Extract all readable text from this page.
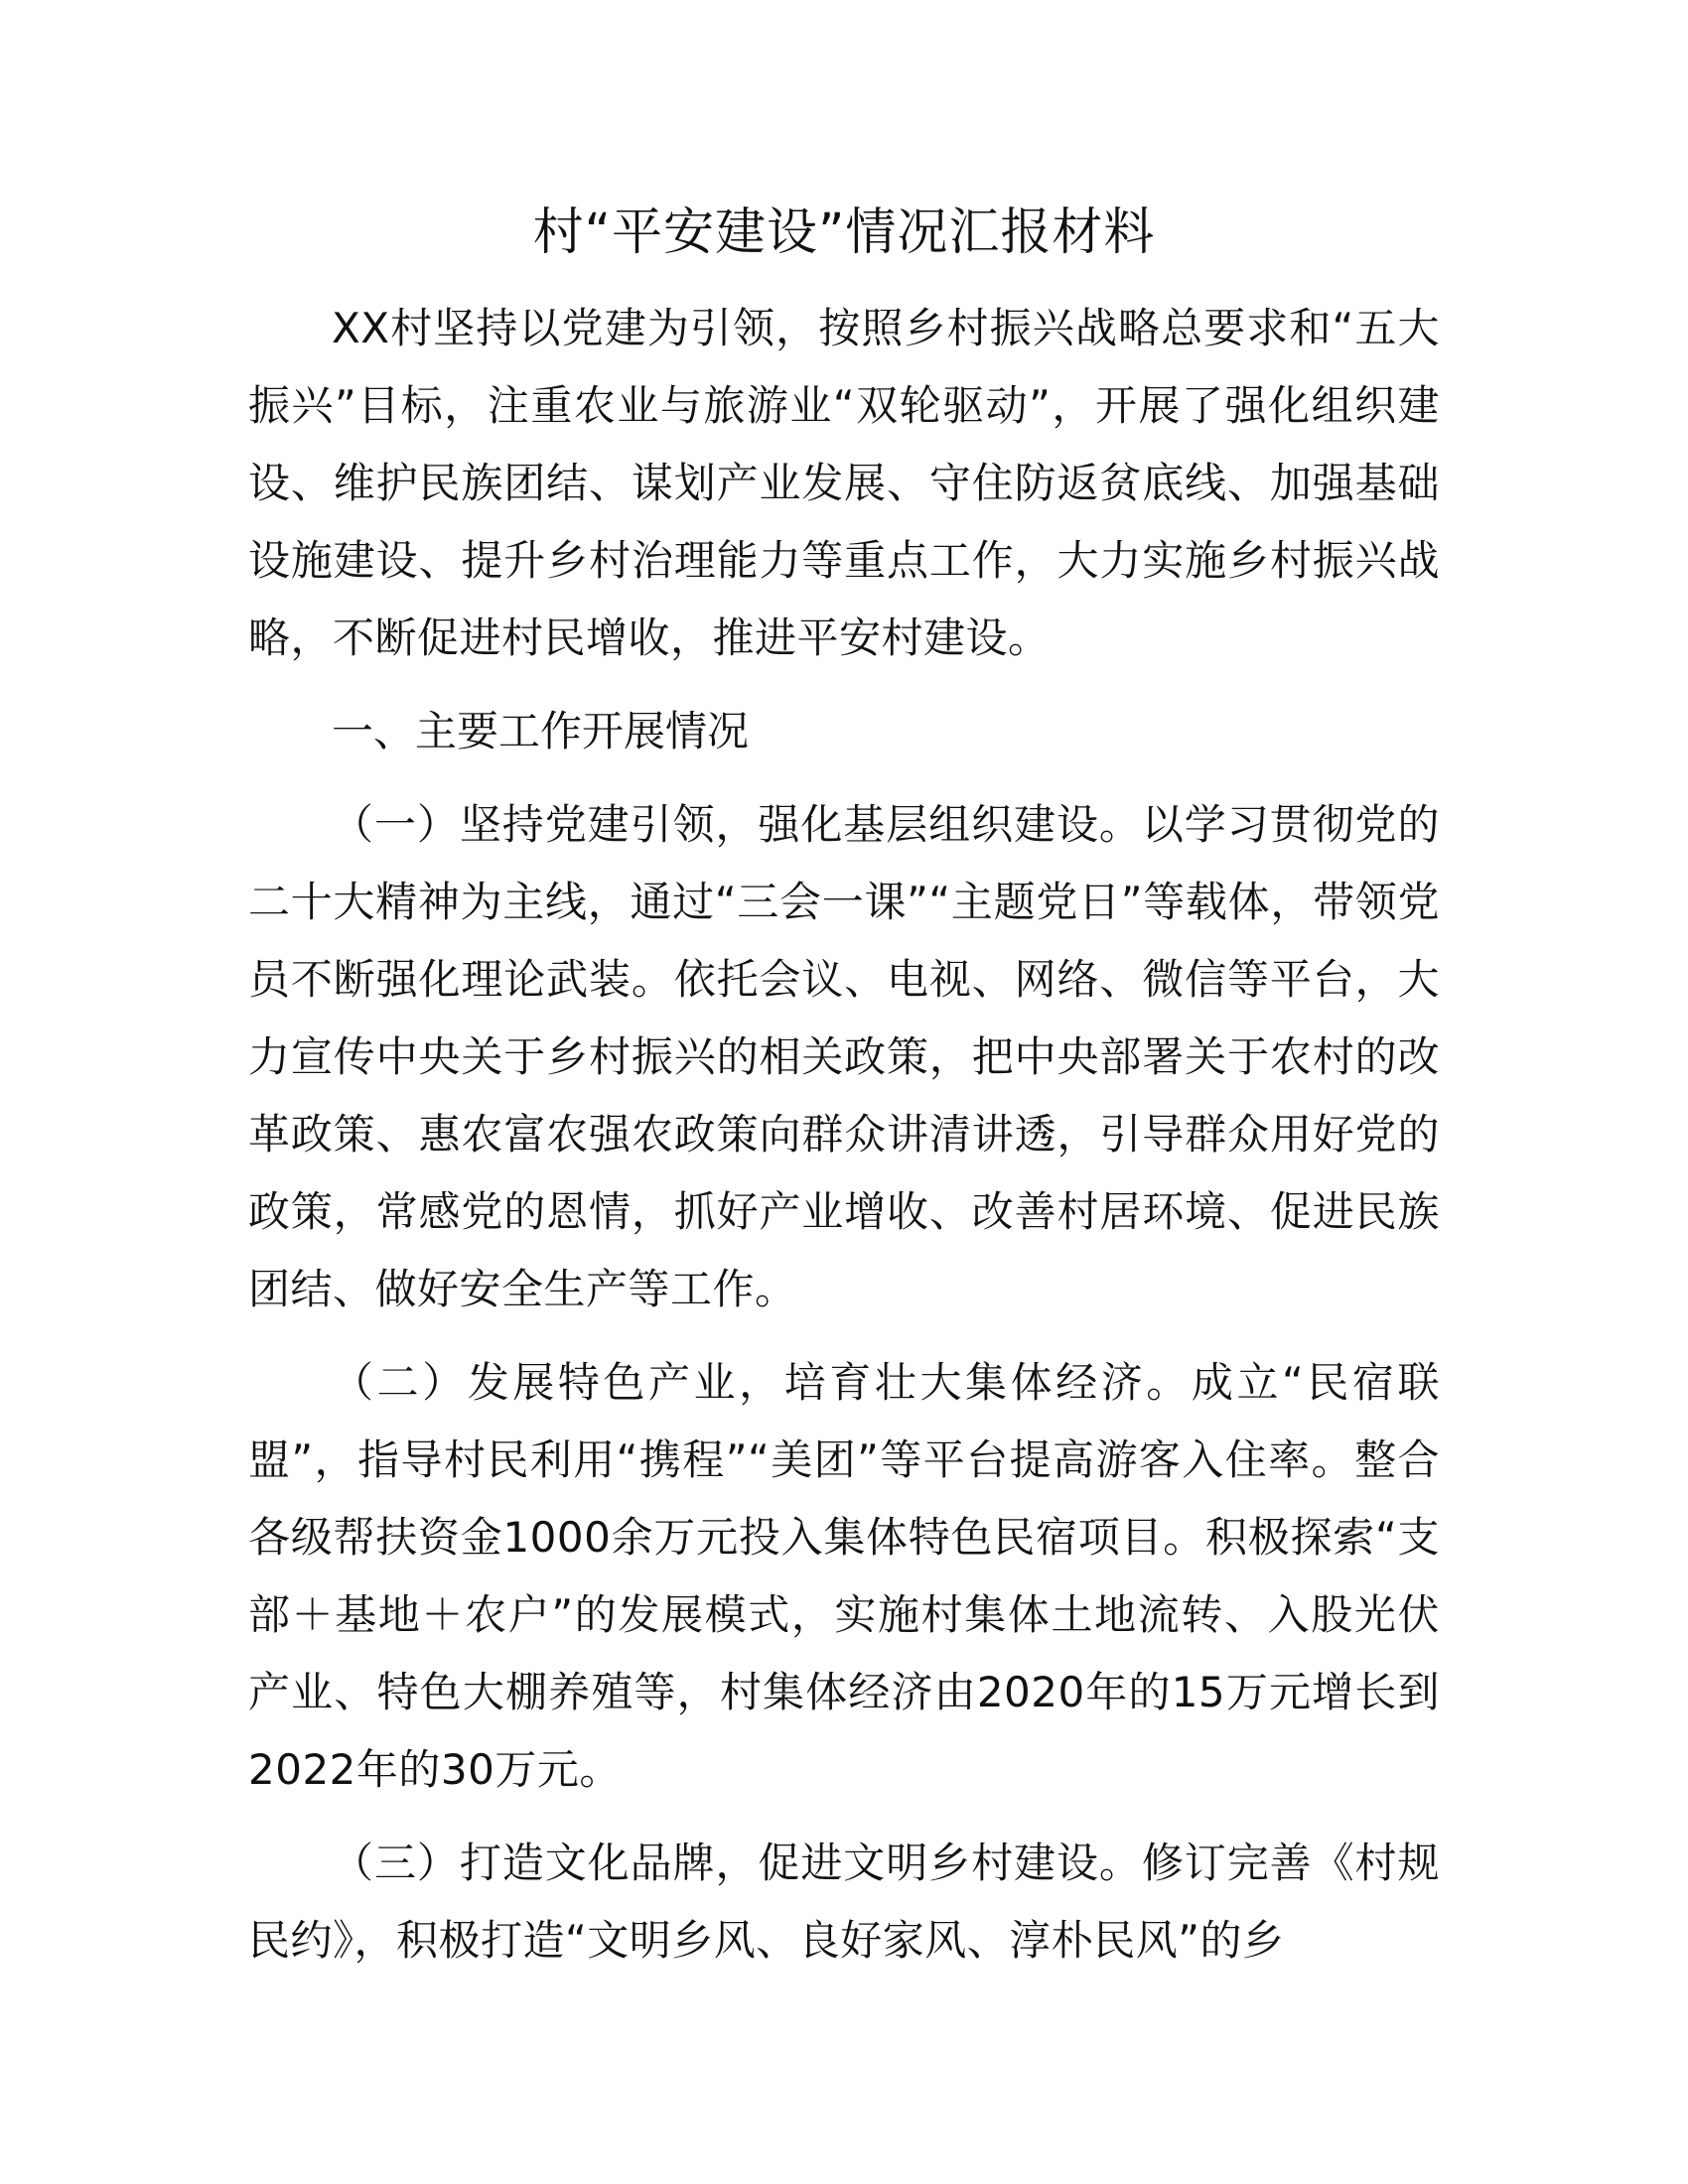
村“平安建设”情况汇报材料

XX村坚持以党建为引领，按照乡村振兴战略总要求和“五大振兴”目标，注重农业与旅游业“双轮驱动”，开展了强化组织建设、维护民族团结、谋划产业发展、守住防返贫底线、加强基础设施建设、提升乡村治理能力等重点工作，大力实施乡村振兴战略，不断促进村民增收，推进平安村建设。

一、主要工作开展情况

（一）坚持党建引领，强化基层组织建设。以学习贯彻党的二十大精神为主线，通过“三会一课”“主题党日”等载体，带领党员不断强化理论武装。依托会议、电视、网络、微信等平台，大力宣传中央关于乡村振兴的相关政策，把中央部署关于农村的改革政策、惠农富农强农政策向群众讲清讲透，引导群众用好党的政策，常感党的恩情，抓好产业增收、改善村居环境、促进民族团结、做好安全生产等工作。

（二）发展特色产业，培育壮大集体经济。成立“民宿联盟”，指导村民利用“携程”“美团”等平台提高游客入住率。整合各级帮扶资金1000余万元投入集体特色民宿项目。积极探索“支部＋基地＋农户”的发展模式，实施村集体土地流转、入股光伏产业、特色大棚养殖等，村集体经济由2020年的15万元增长到2022年的30万元。

（三）打造文化品牌，促进文明乡村建设。修订完善《村规民约》，积极打造“文明乡风、良好家风、淳朴民风”的乡
